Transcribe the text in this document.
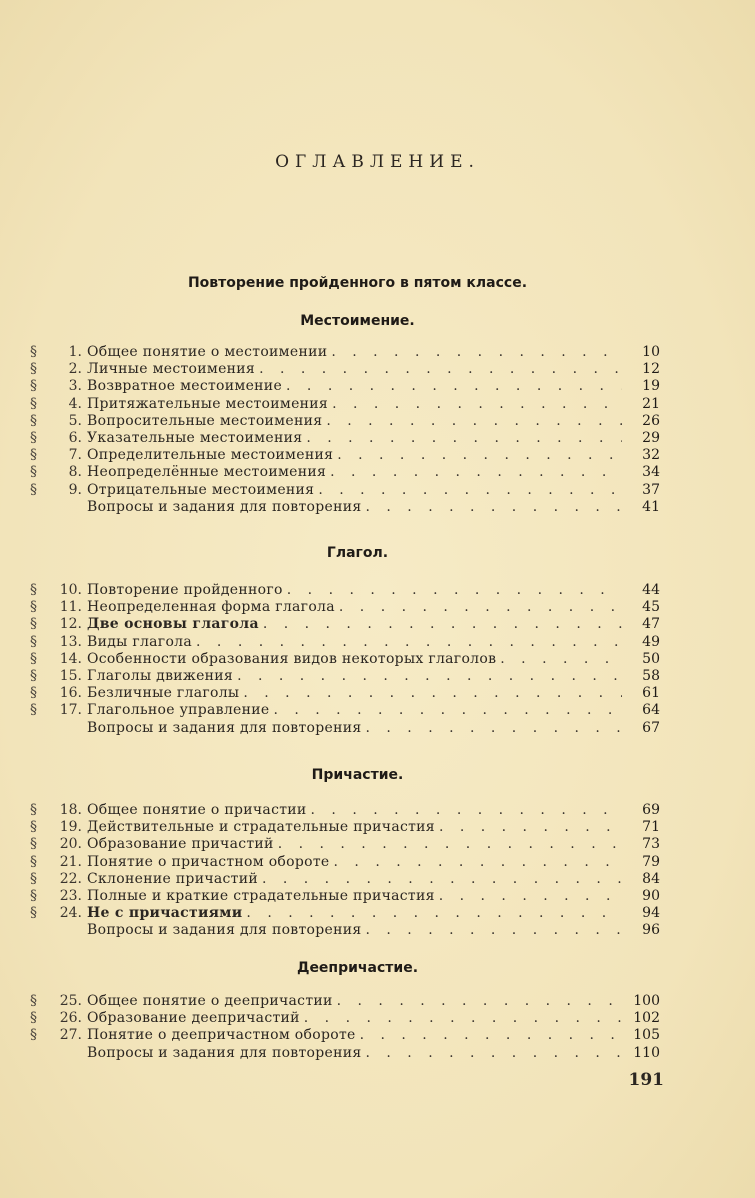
ОГЛАВЛЕНИЕ.
Повторение пройденного в пятом классе.
Местоимение.
§	1. Общее понятие о местоимении . . .	10
§	2. Личные местоимения . . .	12
§	3. Возвратное местоимение . . .	19
§	4. Притяжательные местоимения . . .	21
§	5. Вопросительные местоимения . . .	26
§	6. Указательные местоимения . . .	29
§	7. Определительные местоимения . . .	32
§	8. Неопределённые местоимения . . .	34
§	9. Отрицательные местоимения . . .	37
Вопросы и задания для повторения . . .	41
Глагол.
§	10. Повторение пройденного . . .	44
§	11. Неопределенная форма глагола . . .	45
§	12. Две основы глагола . . .	47
§	13. Виды глагола . . .	49
§	14. Особенности образования видов некоторых глаголов . . .	50
§	15. Глаголы движения . . .	58
§	16. Безличные глаголы . . .	61
§	17. Глагольное управление . . .	64
Вопросы и задания для повторения . . .	67
Причастие.
§	18. Общее понятие о причастии . . .	69
§	19. Действительные и страдательные причастия . . .	71
§	20. Образование причастий . . .	73
§	21. Понятие о причастном обороте . . .	79
§	22. Склонение причастий . . .	84
§	23. Полные и краткие страдательные причастия . . .	90
§	24. Не с причастиями . . .	94
Вопросы и задания для повторения . . .	96
Деепричастие.
§	25. Общее понятие о деепричастии . . .	100
§	26. Образование деепричастий . . .	102
§	27. Понятие о деепричастном обороте . . .	105
Вопросы и задания для повторения . . .	110
191
